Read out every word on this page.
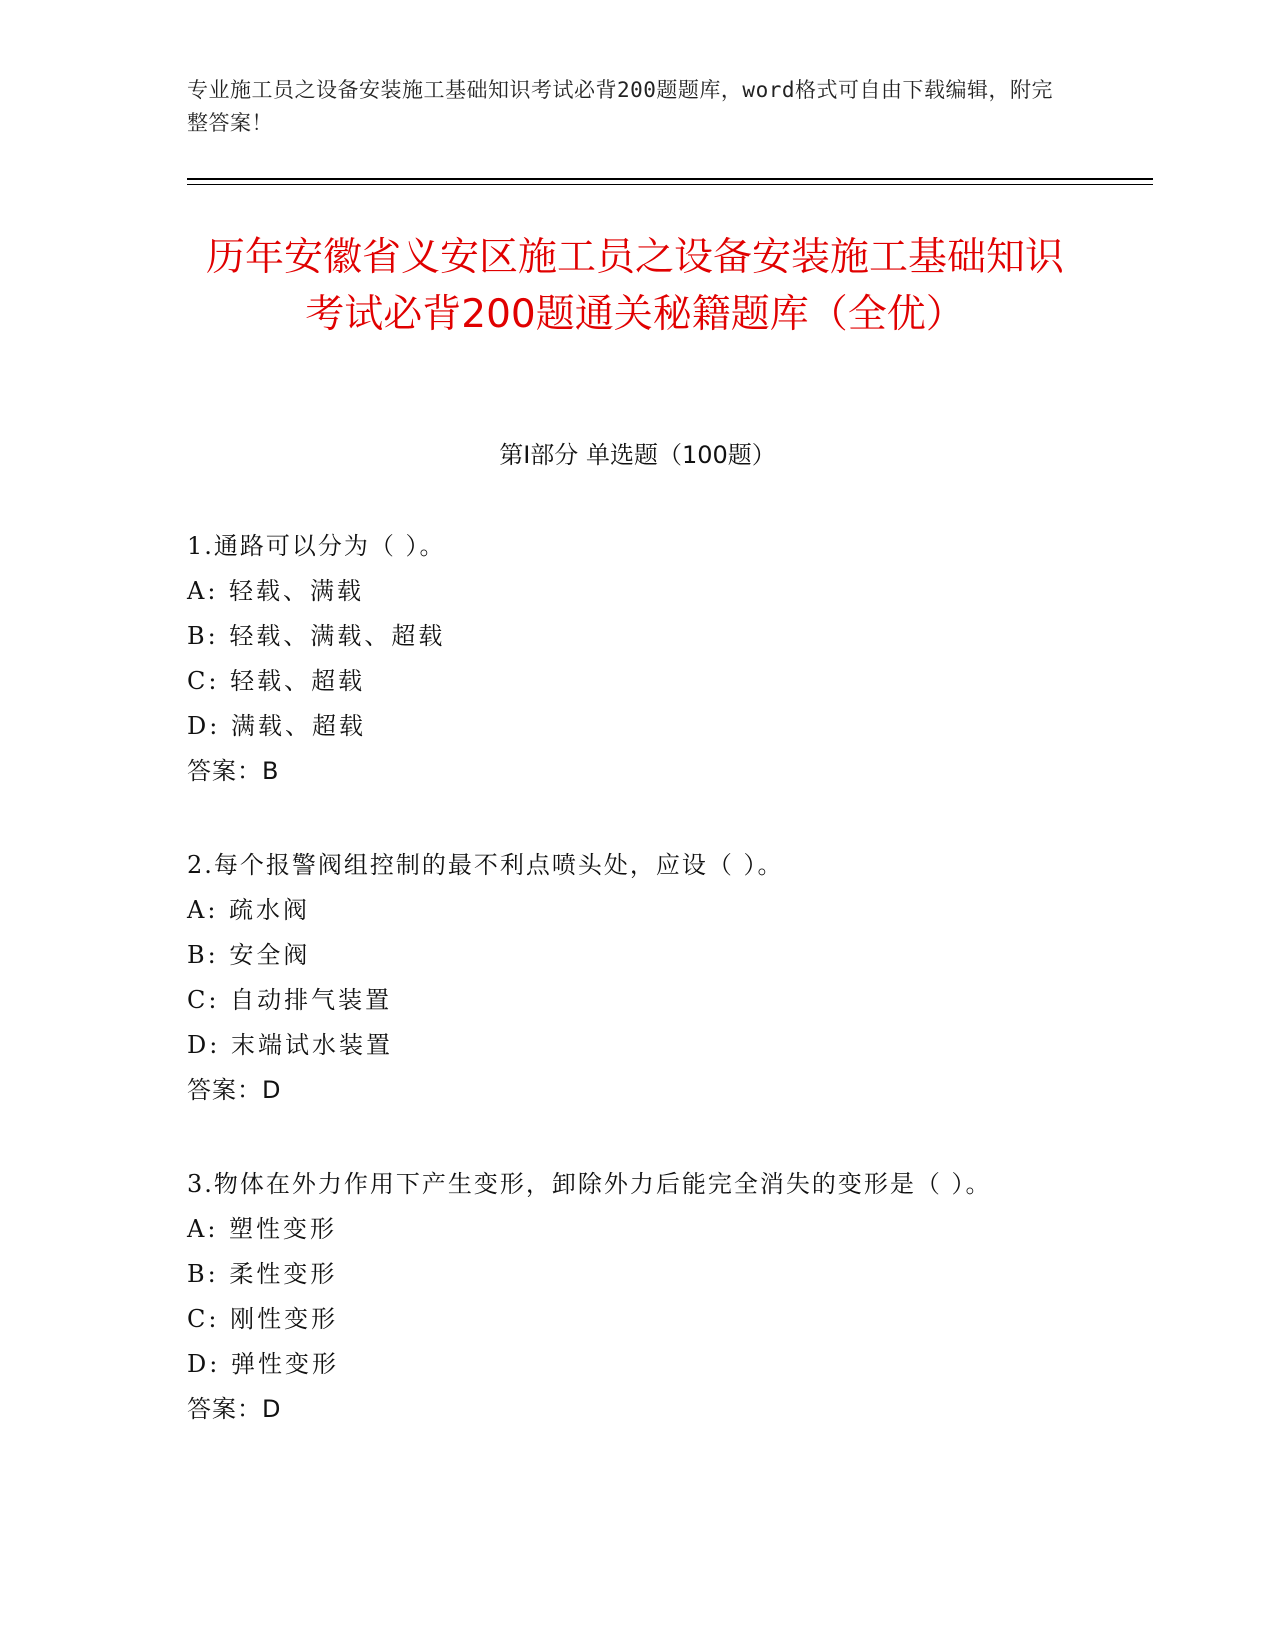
专业施工员之设备安装施工基础知识考试必背200题题库，word格式可自由下载编辑，附完整答案！
历年安徽省义安区施工员之设备安装施工基础知识考试必背200题通关秘籍题库（全优）
第I部分 单选题（100题）
1.通路可以分为（ ）。
A: 轻载、满载
B: 轻载、满载、超载
C: 轻载、超载
D: 满载、超载
答案：B
2.每个报警阀组控制的最不利点喷头处，应设（ ）。
A: 疏水阀
B: 安全阀
C: 自动排气装置
D: 末端试水装置
答案：D
3.物体在外力作用下产生变形，卸除外力后能完全消失的变形是（ ）。
A: 塑性变形
B: 柔性变形
C: 刚性变形
D: 弹性变形
答案：D
